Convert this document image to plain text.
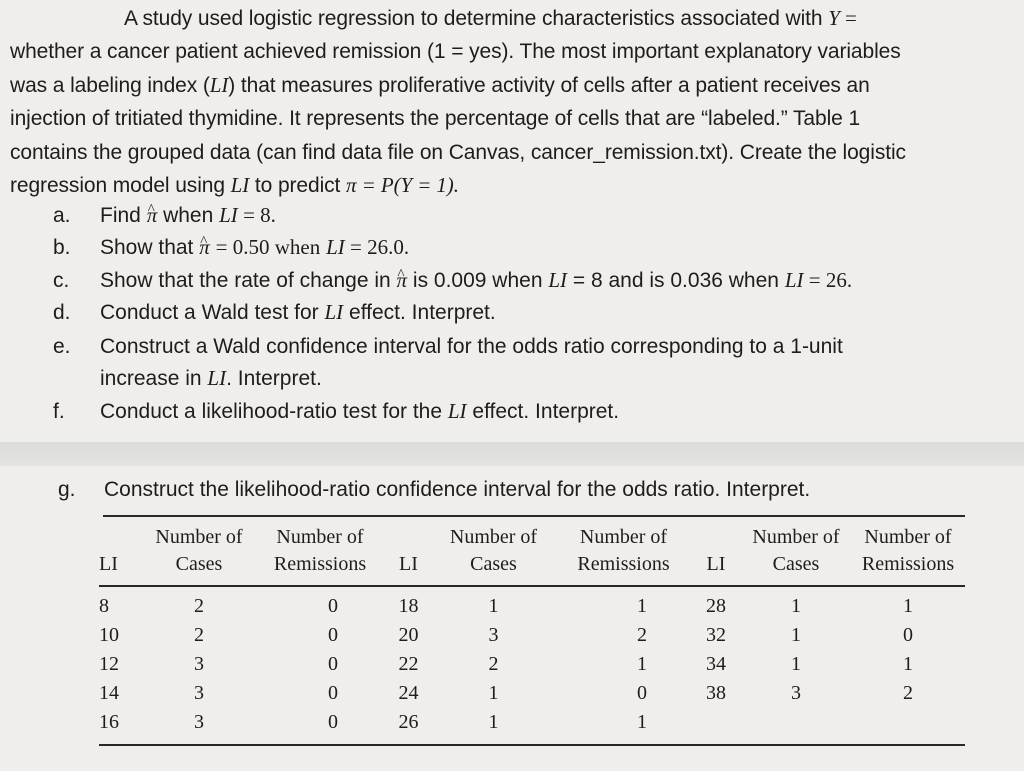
A study used logistic regression to determine characteristics associated with Y =
whether a cancer patient achieved remission (1 = yes). The most important explanatory variables
was a labeling index (LI) that measures proliferative activity of cells after a patient receives an
injection of tritiated thymidine. It represents the percentage of cells that are “labeled.” Table 1
contains the grouped data (can find data file on Canvas, cancer_remission.txt). Create the logistic
regression model using LI to predict π = P(Y = 1).
a. Find ^ π when LI = 8.
b. Show that ^ π = 0.50 when LI = 26.0.
c. Show that the rate of change in ^ π is 0.009 when LI = 8 and is 0.036 when LI = 26.
d. Conduct a Wald test for LI effect. Interpret.
e. Construct a Wald confidence interval for the odds ratio corresponding to a 1-unit
increase in LI. Interpret.
f. Conduct a likelihood-ratio test for the LI effect. Interpret.
g. Construct the likelihood-ratio confidence interval for the odds ratio. Interpret.
	Number of	Number of		Number of	Number of		Number of	Number of
LI	Cases	Remissions	LI	Cases	Remissions	LI	Cases	Remissions

8	2	0	18	1	1	28	1	1
10	2	0	20	3	2	32	1	0
12	3	0	22	2	1	34	1	1
14	3	0	24	1	0	38	3	2
16	3	0	26	1	1			
